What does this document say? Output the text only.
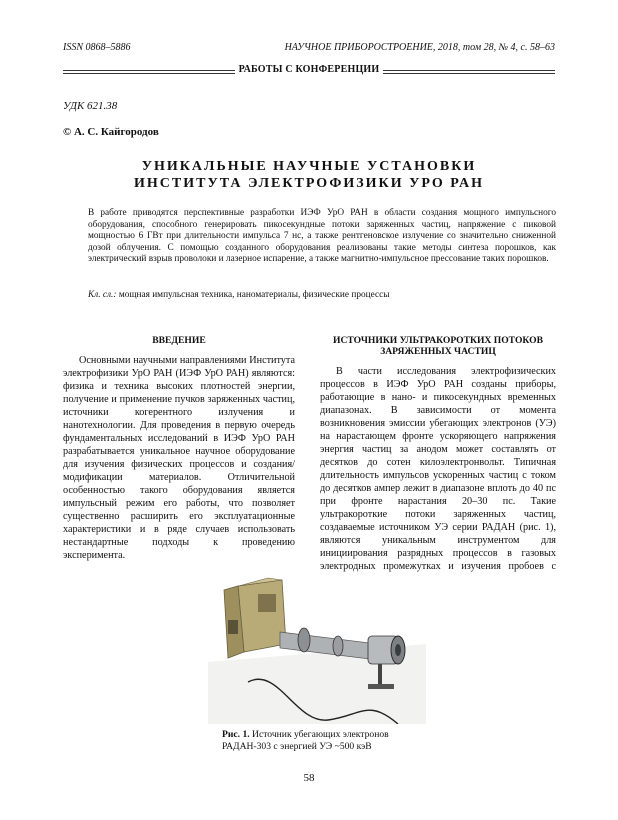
ISSN 0868–5886	НАУЧНОЕ ПРИБОРОСТРОЕНИЕ, 2018, том 28, № 4, c. 58–63
РАБОТЫ С КОНФЕРЕНЦИИ
УДК 621.38
© А. С. Кайгородов
УНИКАЛЬНЫЕ НАУЧНЫЕ УСТАНОВКИ
ИНСТИТУТА ЭЛЕКТРОФИЗИКИ УРО РАН
В работе приводятся перспективные разработки ИЭФ УрО РАН в области создания мощного импульсного оборудования, способного генерировать пикосекундные потоки заряженных частиц, напряжение с пиковой мощностью 6 ГВт при длительности импульса 7 нс, а также рентгеновское излучение со значительно сниженной дозой облучения. С помощью созданного оборудования реализованы такие методы синтеза порошков, как электрический взрыв проволоки и лазерное испарение, а также магнитно-импульсное прессование таких порошков.
Кл. сл.: мощная импульсная техника, наноматериалы, физические процессы
ВВЕДЕНИЕ
Основными научными направлениями Института электрофизики УрО РАН (ИЭФ УрО РАН) являются: физика и техника высоких плотностей энергии, получение и применение пучков заряженных частиц, источники когерентного излучения и нанотехнологии. Для проведения в первую очередь фундаментальных исследований в ИЭФ УрО РАН разрабатывается уникальное научное оборудование для изучения физических процессов и создания/модификации материалов. Отличительной особенностью такого оборудования является импульсный режим его работы, что позволяет существенно расширить его эксплуатационные характеристики и в ряде случаев использовать нестандартные подходы к проведению эксперимента.
ИСТОЧНИКИ УЛЬТРАКОРОТКИХ ПОТОКОВ
ЗАРЯЖЕННЫХ ЧАСТИЦ
В части исследования электрофизических процессов в ИЭФ УрО РАН созданы приборы, работающие в нано- и пикосекундных временных диапазонах. В зависимости от момента возникновения эмиссии убегающих электронов (УЭ) на нарастающем фронте ускоряющего напряжения энергия частиц за анодом может составлять от десятков до сотен килоэлектронвольт. Типичная длительность импульсов ускоренных частиц с током до десятков ампер лежит в диапазоне вплоть до 40 пс при фронте нарастания 20–30 пс. Такие ультракороткие потоки заряженных частиц, создаваемые источником УЭ серии РАДАН (рис. 1), являются уникальным инструментом для инициирования разрядных процессов в газовых электродных промежутках и изучения пробоев с
Рис. 1. Источник убегающих электронов
РАДАН-303 с энергией УЭ ~500 кэВ
58
